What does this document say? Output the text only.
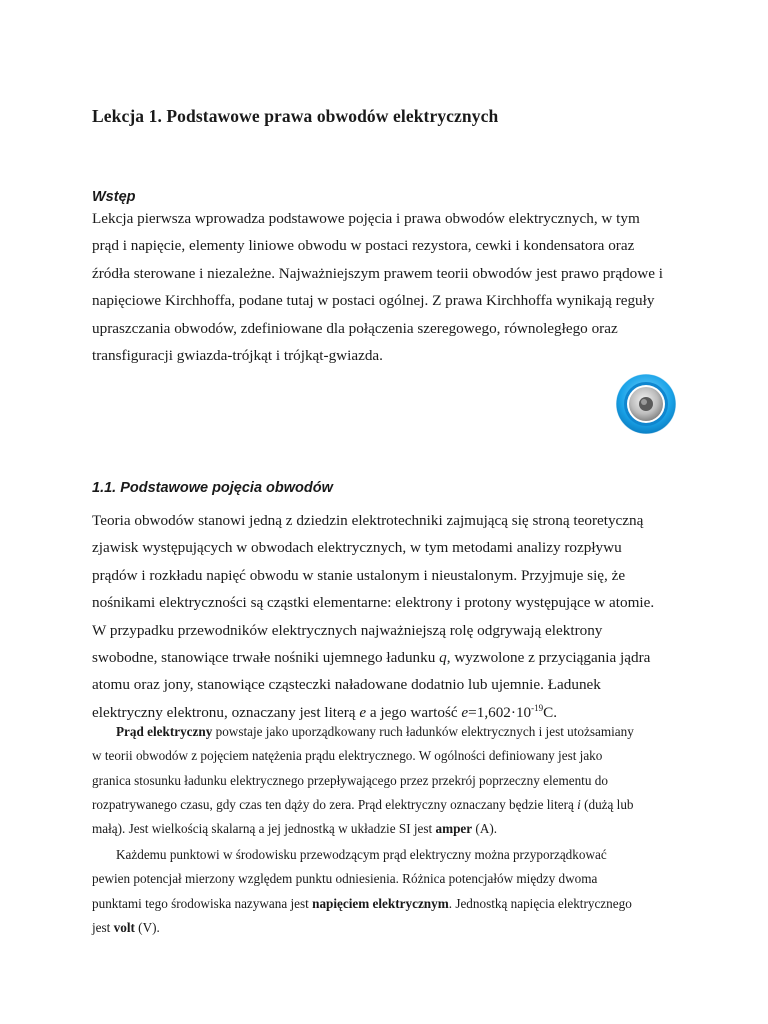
Lekcja 1. Podstawowe prawa obwodów elektrycznych
Wstęp

Lekcja pierwsza wprowadza podstawowe pojęcia i prawa obwodów elektrycznych, w tym
prąd i napięcie, elementy liniowe obwodu w postaci rezystora, cewki i kondensatora oraz
źródła sterowane i niezależne. Najważniejszym prawem teorii obwodów jest prawo prądowe i
napięciowe Kirchhoffa, podane tutaj w postaci ogólnej. Z prawa Kirchhoffa wynikają reguły
upraszczania obwodów, zdefiniowane dla połączenia szeregowego, równoległego oraz
transfiguracji gwiazda-trójkąt i trójkąt-gwiazda.

1.1. Podstawowe pojęcia obwodów

Teoria obwodów stanowi jedną z dziedzin elektrotechniki zajmującą się stroną teoretyczną
zjawisk występujących w obwodach elektrycznych, w tym metodami analizy rozpływu
prądów i rozkładu napięć obwodu w stanie ustalonym i nieustalonym. Przyjmuje się, że
nośnikami elektryczności są cząstki elementarne: elektrony i protony występujące w atomie.
W przypadku przewodników elektrycznych najważniejszą rolę odgrywają elektrony
swobodne, stanowiące trwałe nośniki ujemnego ładunku q, wyzwolone z przyciągania jądra
atomu oraz jony, stanowiące cząsteczki naładowane dodatnio lub ujemnie. Ładunek
elektryczny elektronu, oznaczany jest literą e a jego wartość $e=1,602\cdot 10^{-19}C$.

Prąd elektryczny powstaje jako uporządkowany ruch ładunków elektrycznych i jest utożsamiany
w teorii obwodów z pojęciem natężenia prądu elektrycznego. W ogólności definiowany jest jako
granica stosunku ładunku elektrycznego przepływającego przez przekrój poprzeczny elementu do
rozpatrywanego czasu, gdy czas ten dąży do zera. Prąd elektryczny oznaczany będzie literą i (dużą lub
małą). Jest wielkością skalarną a jej jednostką w układzie SI jest amper (A).

Każdemu punktowi w środowisku przewodzącym prąd elektryczny można przyporządkować
pewien potencjał mierzony względem punktu odniesienia. Różnica potencjałów między dwoma
punktami tego środowiska nazywana jest napięciem elektrycznym. Jednostką napięcia elektrycznego
jest volt (V).
